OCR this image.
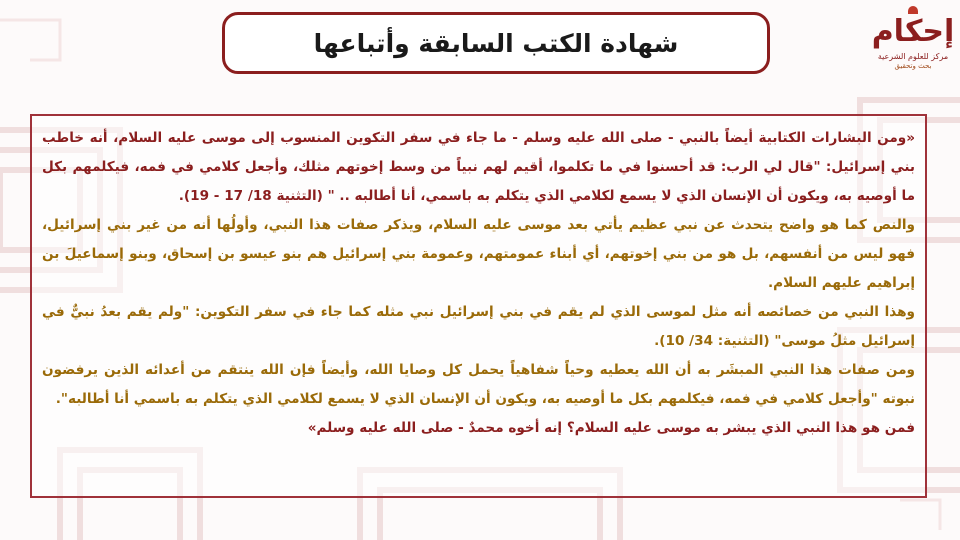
شهادة الكتب السابقة وأتباعها	إحكام
مركز للعلوم الشرعية
بحث وتحقيق

«ومن البشارات الكتابية أيضاً بالنبي - صلى الله عليه وسلم - ما جاء في سفر التكوين المنسوب إلى موسى عليه السلام، أنه خاطب بني إسرائيل: "قال لي الرب: قد أحسنوا في ما تكلموا، أقيم لهم نبياً من وسط إخوتهم مثلك، وأجعل كلامي في فمه، فيكلمهم بكل ما أوصيه به، ويكون أن الإنسان الذي لا يسمع لكلامي الذي يتكلم به باسمي، أنا أطالبه .. " (التثنية 18/ 17 - 19).
والنص كما هو واضح يتحدث عن نبي عظيم يأتي بعد موسى عليه السلام، ويذكر صفات هذا النبي، وأولُها أنه من غير بني إسرائيل، فهو ليس من أنفسهم، بل هو من بني إخوتهم، أي أبناء عمومتهم، وعمومة بني إسرائيل هم بنو عيسو بن إسحاق، وبنو إسماعيلَ بن إبراهيم عليهم السلام.
وهذا النبي من خصائصه أنه مثل لموسى الذي لم يقم في بني إسرائيل نبي مثله كما جاء في سفر التكوين: "ولم يقم بعدُ نبيٌّ في إسرائيل مثلُ موسى" (التثنية: 34/ 10).
ومن صفات هذا النبي المبشَر به أن الله يعطيه وحياً شفاهياً يحمل كل وصايا الله، وأيضاً فإن الله ينتقم من أعدائه الذين يرفضون نبوته "وأجعل كلامي في فمه، فيكلمهم بكل ما أوصيه به، ويكون أن الإنسان الذي لا يسمع لكلامي الذي يتكلم به باسمي أنا أطالبه".
فمن هو هذا النبي الذي يبشر به موسى عليه السلام؟ إنه أخوه محمدٌ - صلى الله عليه وسلم»
